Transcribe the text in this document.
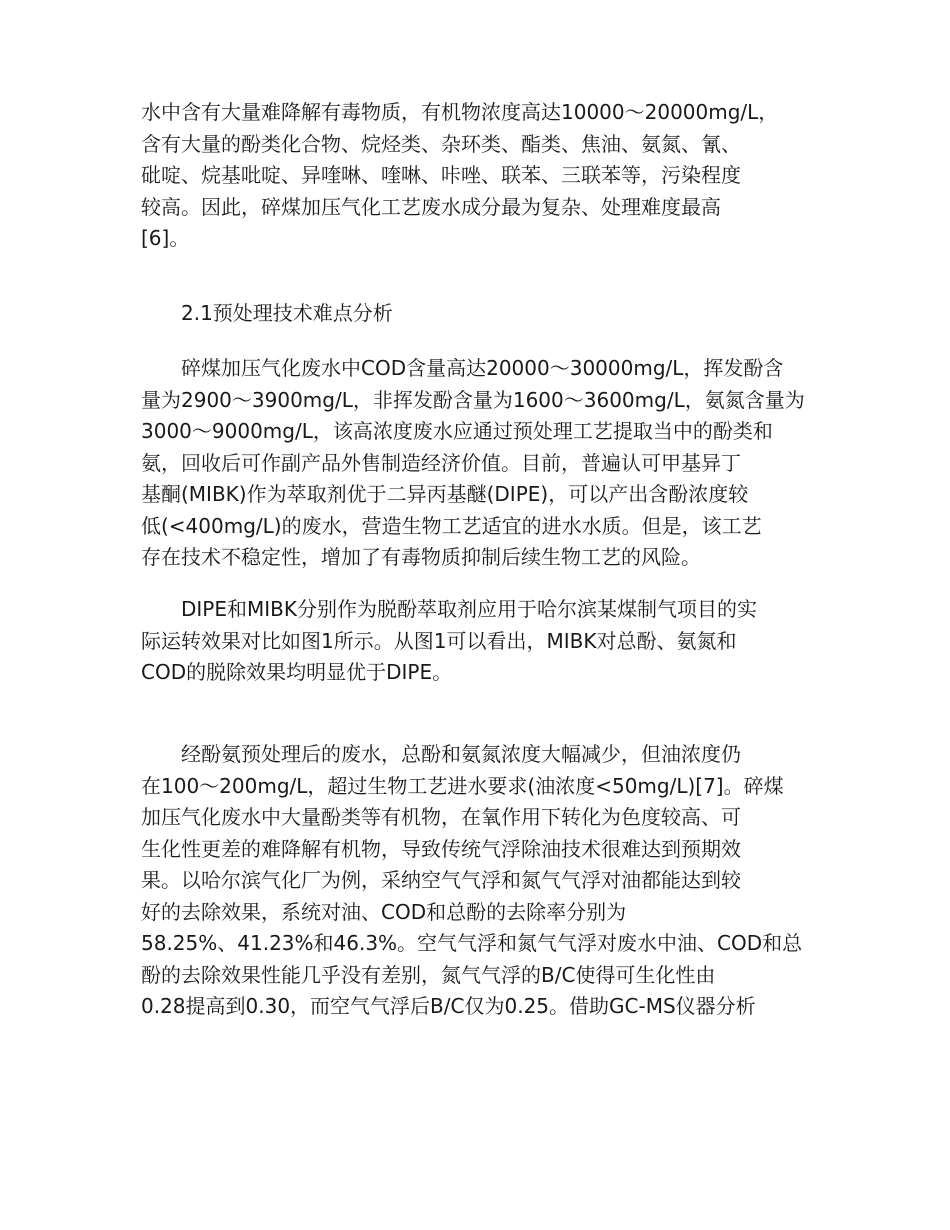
水中含有大量难降解有毒物质，有机物浓度高达10000～20000mg/L，
含有大量的酚类化合物、烷烃类、杂环类、酯类、焦油、氨氮、氰、
砒啶、烷基吡啶、异喹啉、喹啉、咔唑、联苯、三联苯等，污染程度
较高。因此，碎煤加压气化工艺废水成分最为复杂、处理难度最高
[6]。
2.1预处理技术难点分析
碎煤加压气化废水中COD含量高达20000～30000mg/L，挥发酚含
量为2900～3900mg/L，非挥发酚含量为1600～3600mg/L，氨氮含量为
3000～9000mg/L，该高浓度废水应通过预处理工艺提取当中的酚类和
氨，回收后可作副产品外售制造经济价值。目前，普遍认可甲基异丁
基酮(MIBK)作为萃取剂优于二异丙基醚(DIPE)，可以产出含酚浓度较
低(<400mg/L)的废水，营造生物工艺适宜的进水水质。但是，该工艺
存在技术不稳定性，增加了有毒物质抑制后续生物工艺的风险。
DIPE和MIBK分别作为脱酚萃取剂应用于哈尔滨某煤制气项目的实
际运转效果对比如图1所示。从图1可以看出，MIBK对总酚、氨氮和
COD的脱除效果均明显优于DIPE。
经酚氨预处理后的废水，总酚和氨氮浓度大幅减少，但油浓度仍
在100～200mg/L，超过生物工艺进水要求(油浓度<50mg/L)[7]。碎煤
加压气化废水中大量酚类等有机物，在氧作用下转化为色度较高、可
生化性更差的难降解有机物，导致传统气浮除油技术很难达到预期效
果。以哈尔滨气化厂为例，采纳空气气浮和氮气气浮对油都能达到较
好的去除效果，系统对油、COD和总酚的去除率分别为
58.25%、41.23%和46.3%。空气气浮和氮气气浮对废水中油、COD和总
酚的去除效果性能几乎没有差别，氮气气浮的B/C使得可生化性由
0.28提高到0.30，而空气气浮后B/C仅为0.25。借助GC-MS仪器分析
